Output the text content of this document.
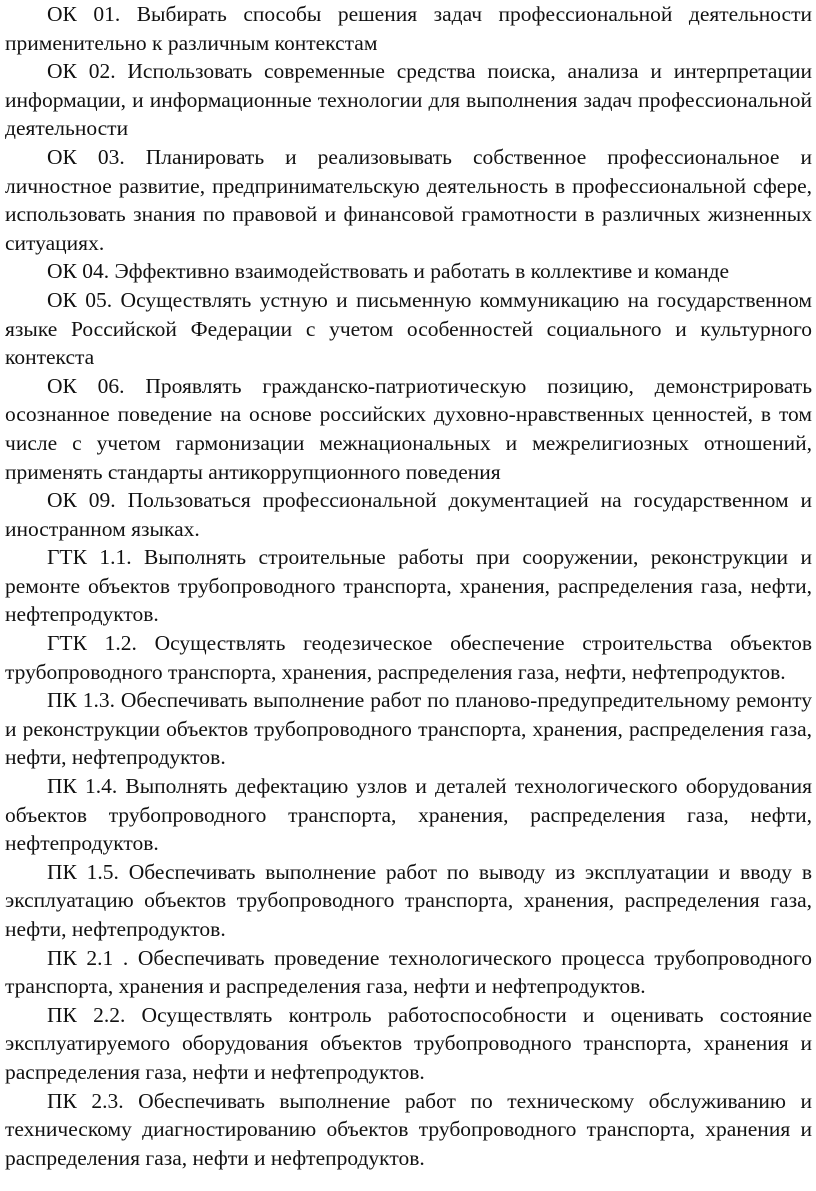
ОК 01. Выбирать способы решения задач профессиональной деятельности применительно к различным контекстам

ОК 02. Использовать современные средства поиска, анализа и интерпретации информации, и информационные технологии для выполнения задач профессиональной деятельности

ОК 03. Планировать и реализовывать собственное профессиональное и личностное развитие, предпринимательскую деятельность в профессиональной сфере, использовать знания по правовой и финансовой грамотности в различных жизненных ситуациях.

ОК 04. Эффективно взаимодействовать и работать в коллективе и команде

ОК 05. Осуществлять устную и письменную коммуникацию на государственном языке Российской Федерации с учетом особенностей социального и культурного контекста

ОК 06. Проявлять гражданско-патриотическую позицию, демонстрировать осознанное поведение на основе российских духовно-нравственных ценностей, в том числе с учетом гармонизации межнациональных и межрелигиозных отношений, применять стандарты антикоррупционного поведения

ОК 09. Пользоваться профессиональной документацией на государственном и иностранном языках.

ГТК 1.1. Выполнять строительные работы при сооружении, реконструкции и ремонте объектов трубопроводного транспорта, хранения, распределения газа, нефти, нефтепродуктов.

ГТК 1.2. Осуществлять геодезическое обеспечение строительства объектов трубопроводного транспорта, хранения, распределения газа, нефти, нефтепродуктов.

ПК 1.3. Обеспечивать выполнение работ по планово-предупредительному ремонту и реконструкции объектов трубопроводного транспорта, хранения, распределения газа, нефти, нефтепродуктов.

ПК 1.4. Выполнять дефектацию узлов и деталей технологического оборудования объектов трубопроводного транспорта, хранения, распределения газа, нефти, нефтепродуктов.

ПК 1.5. Обеспечивать выполнение работ по выводу из эксплуатации и вводу в эксплуатацию объектов трубопроводного транспорта, хранения, распределения газа, нефти, нефтепродуктов.

ПК 2.1 . Обеспечивать проведение технологического процесса трубопроводного транспорта, хранения и распределения газа, нефти и нефтепродуктов.

ПК 2.2. Осуществлять контроль работоспособности и оценивать состояние эксплуатируемого оборудования объектов трубопроводного транспорта, хранения и распределения газа, нефти и нефтепродуктов.

ПК 2.3. Обеспечивать выполнение работ по техническому обслуживанию и техническому диагностированию объектов трубопроводного транспорта, хранения и распределения газа, нефти и нефтепродуктов.
